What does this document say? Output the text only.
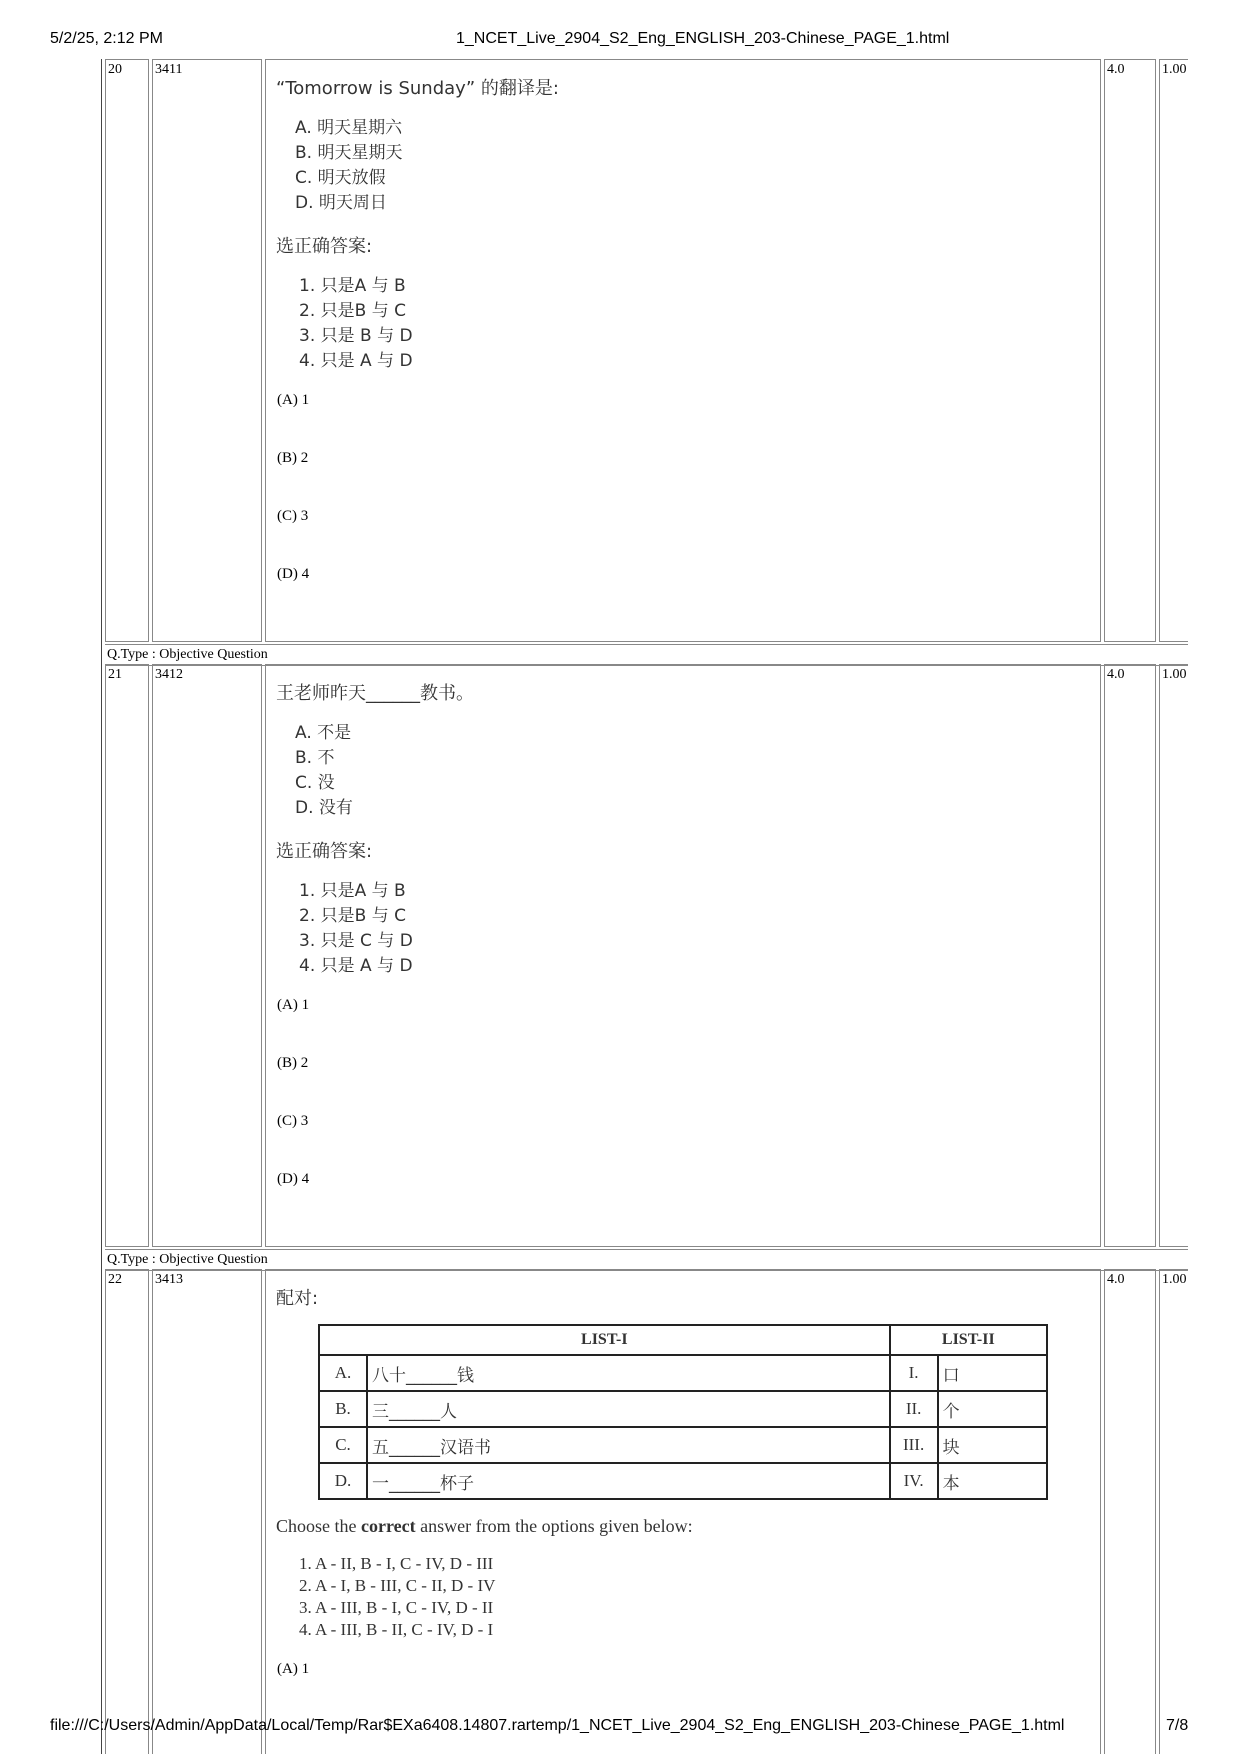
5/2/25, 2:12 PM	1_NCET_Live_2904_S2_Eng_ENGLISH_203-Chinese_PAGE_1.html
20	3411
“Tomorrow is Sunday” 的翻译是:
A. 明天星期六
B. 明天星期天
C. 明天放假
D. 明天周日
选正确答案:
1. 只是A 与 B
2. 只是B 与 C
3. 只是 B 与 D
4. 只是 A 与 D
(A) 1
(B) 2
(C) 3
(D) 4
4.0	1.00
Q.Type : Objective Question
21	3412
王老师昨天______教书。
A. 不是
B. 不
C. 没
D. 没有
选正确答案:
1. 只是A 与 B
2. 只是B 与 C
3. 只是 C 与 D
4. 只是 A 与 D
(A) 1
(B) 2
(C) 3
(D) 4
4.0	1.00
Q.Type : Objective Question
22	3413
配对:
LIST-I		LIST-II	
A.	八十______钱	I.	口
B.	三______人	II.	个
C.	五______汉语书	III.	块
D.	一______杯子	IV.	本
Choose the correct answer from the options given below:
1. A - II, B - I, C - IV, D - III
2. A - I, B - III, C - II, D - IV
3. A - III, B - I, C - IV, D - II
4. A - III, B - II, C - IV, D - I
(A) 1
4.0	1.00
file:///C:/Users/Admin/AppData/Local/Temp/Rar$EXa6408.14807.rartemp/1_NCET_Live_2904_S2_Eng_ENGLISH_203-Chinese_PAGE_1.html	7/8
